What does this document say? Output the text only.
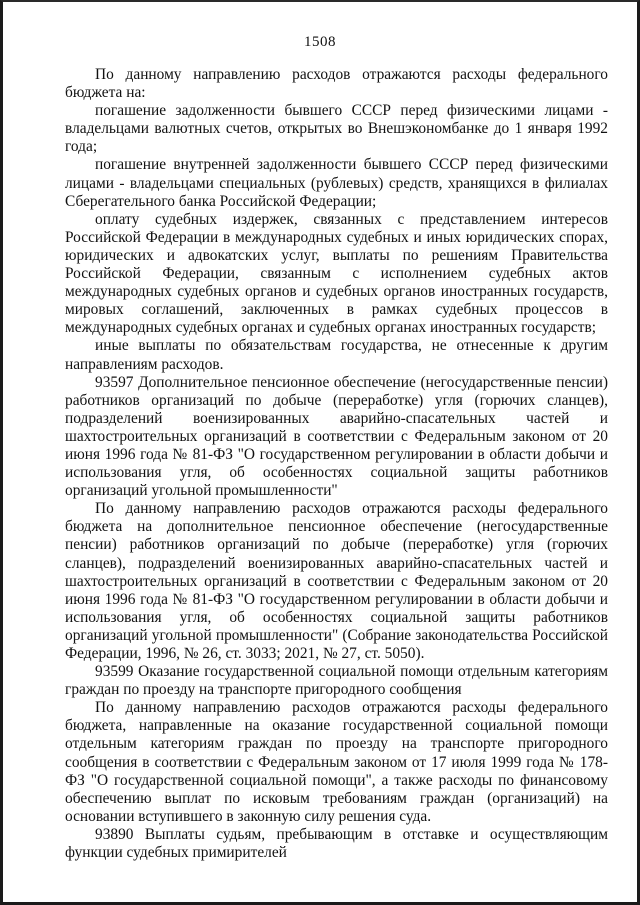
1508

По данному направлению расходов отражаются расходы федерального бюджета на:

погашение задолженности бывшего СССР перед физическими лицами - владельцами валютных счетов, открытых во Внешэкономбанке до 1 января 1992 года;

погашение внутренней задолженности бывшего СССР перед физическими лицами - владельцами специальных (рублевых) средств, хранящихся в филиалах Сберегательного банка Российской Федерации;

оплату судебных издержек, связанных с представлением интересов Российской Федерации в международных судебных и иных юридических спорах, юридических и адвокатских услуг, выплаты по решениям Правительства Российской Федерации, связанным с исполнением судебных актов международных судебных органов и судебных органов иностранных государств, мировых соглашений, заключенных в рамках судебных процессов в международных судебных органах и судебных органах иностранных государств;

иные выплаты по обязательствам государства, не отнесенные к другим направлениям расходов.

93597 Дополнительное пенсионное обеспечение (негосударственные пенсии) работников организаций по добыче (переработке) угля (горючих сланцев), подразделений военизированных аварийно-спасательных частей и шахтостроительных организаций в соответствии с Федеральным законом от 20 июня 1996 года № 81-ФЗ "О государственном регулировании в области добычи и использования угля, об особенностях социальной защиты работников организаций угольной промышленности"

По данному направлению расходов отражаются расходы федерального бюджета на дополнительное пенсионное обеспечение (негосударственные пенсии) работников организаций по добыче (переработке) угля (горючих сланцев), подразделений военизированных аварийно-спасательных частей и шахтостроительных организаций в соответствии с Федеральным законом от 20 июня 1996 года № 81-ФЗ "О государственном регулировании в области добычи и использования угля, об особенностях социальной защиты работников организаций угольной промышленности" (Собрание законодательства Российской Федерации, 1996, № 26, ст. 3033; 2021, № 27, ст. 5050).

93599 Оказание государственной социальной помощи отдельным категориям граждан по проезду на транспорте пригородного сообщения

По данному направлению расходов отражаются расходы федерального бюджета, направленные на оказание государственной социальной помощи отдельным категориям граждан по проезду на транспорте пригородного сообщения в соответствии с Федеральным законом от 17 июля 1999 года № 178-ФЗ "О государственной социальной помощи", а также расходы по финансовому обеспечению выплат по исковым требованиям граждан (организаций) на основании вступившего в законную силу решения суда.

93890 Выплаты судьям, пребывающим в отставке и осуществляющим функции судебных примирителей
